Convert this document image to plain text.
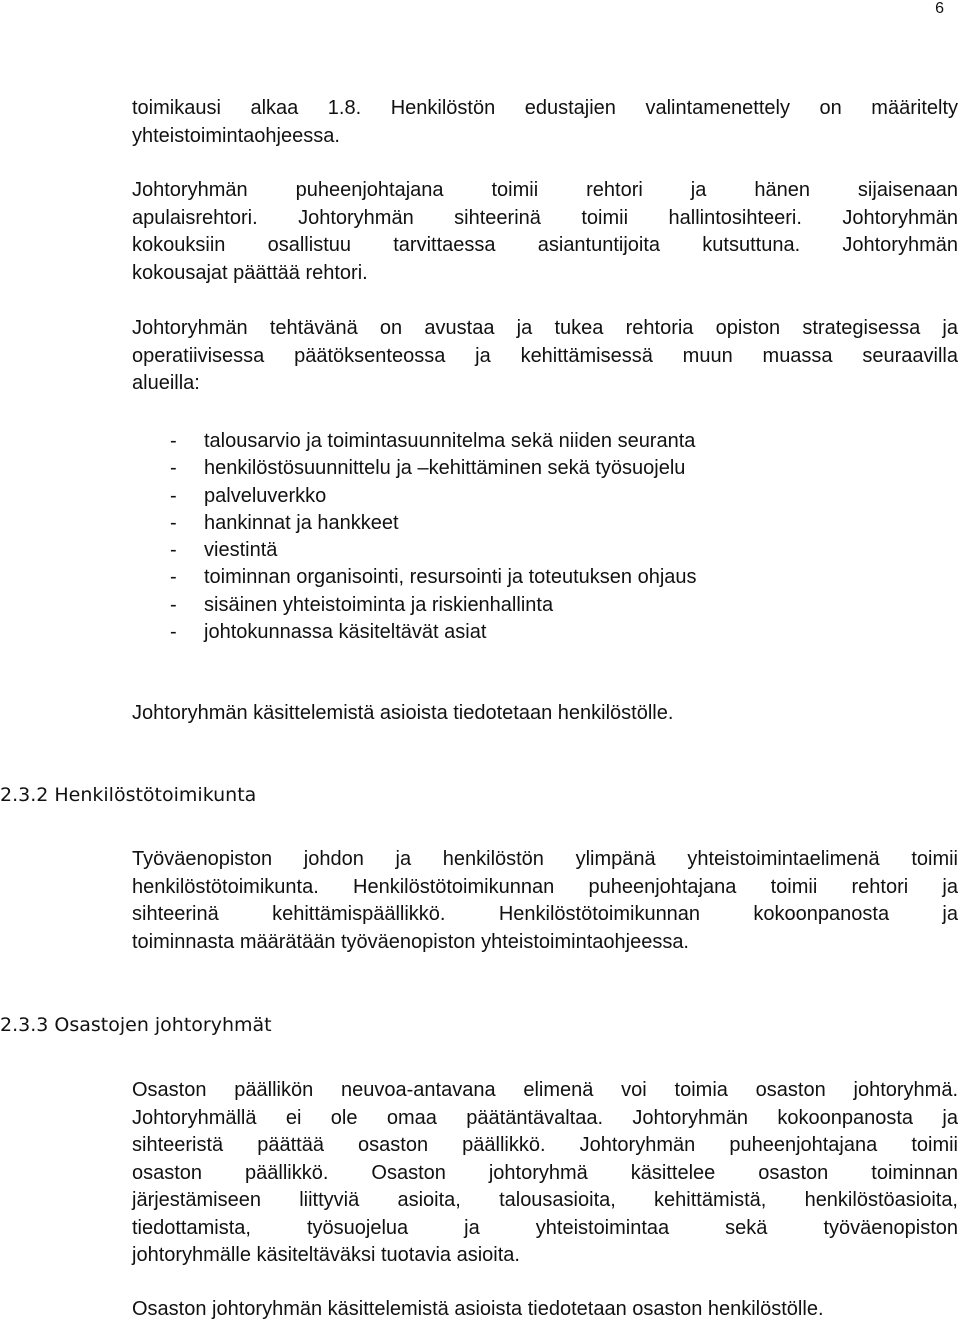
6
toimikausi alkaa 1.8. Henkilöstön edustajien valintamenettely on määritelty
yhteistoimintaohjeessa.
Johtoryhmän puheenjohtajana toimii rehtori ja hänen sijaisenaan
apulaisrehtori. Johtoryhmän sihteerinä toimii hallintosihteeri. Johtoryhmän
kokouksiin osallistuu tarvittaessa asiantuntijoita kutsuttuna. Johtoryhmän
kokousajat päättää rehtori.
Johtoryhmän tehtävänä on avustaa ja tukea rehtoria opiston strategisessa ja
operatiivisessa päätöksenteossa ja kehittämisessä muun muassa seuraavilla
alueilla:
-	talousarvio ja toimintasuunnitelma sekä niiden seuranta
-	henkilöstösuunnittelu ja –kehittäminen sekä työsuojelu
-	palveluverkko
-	hankinnat ja hankkeet
-	viestintä
-	toiminnan organisointi, resursointi ja toteutuksen ohjaus
-	sisäinen yhteistoiminta ja riskienhallinta
-	johtokunnassa käsiteltävät asiat
Johtoryhmän käsittelemistä asioista tiedotetaan henkilöstölle.
2.3.2 Henkilöstötoimikunta
Työväenopiston johdon ja henkilöstön ylimpänä yhteistoimintaelimenä toimii
henkilöstötoimikunta. Henkilöstötoimikunnan puheenjohtajana toimii rehtori ja
sihteerinä kehittämispäällikkö. Henkilöstötoimikunnan kokoonpanosta ja
toiminnasta määrätään työväenopiston yhteistoimintaohjeessa.
2.3.3 Osastojen johtoryhmät
Osaston päällikön neuvoa-antavana elimenä voi toimia osaston johtoryhmä.
Johtoryhmällä ei ole omaa päätäntävaltaa. Johtoryhmän kokoonpanosta ja
sihteeristä päättää osaston päällikkö. Johtoryhmän puheenjohtajana toimii
osaston päällikkö. Osaston johtoryhmä käsittelee osaston toiminnan
järjestämiseen liittyviä asioita, talousasioita, kehittämistä, henkilöstöasioita,
tiedottamista, työsuojelua ja yhteistoimintaa sekä työväenopiston
johtoryhmälle käsiteltäväksi tuotavia asioita.
Osaston johtoryhmän käsittelemistä asioista tiedotetaan osaston henkilöstölle.
